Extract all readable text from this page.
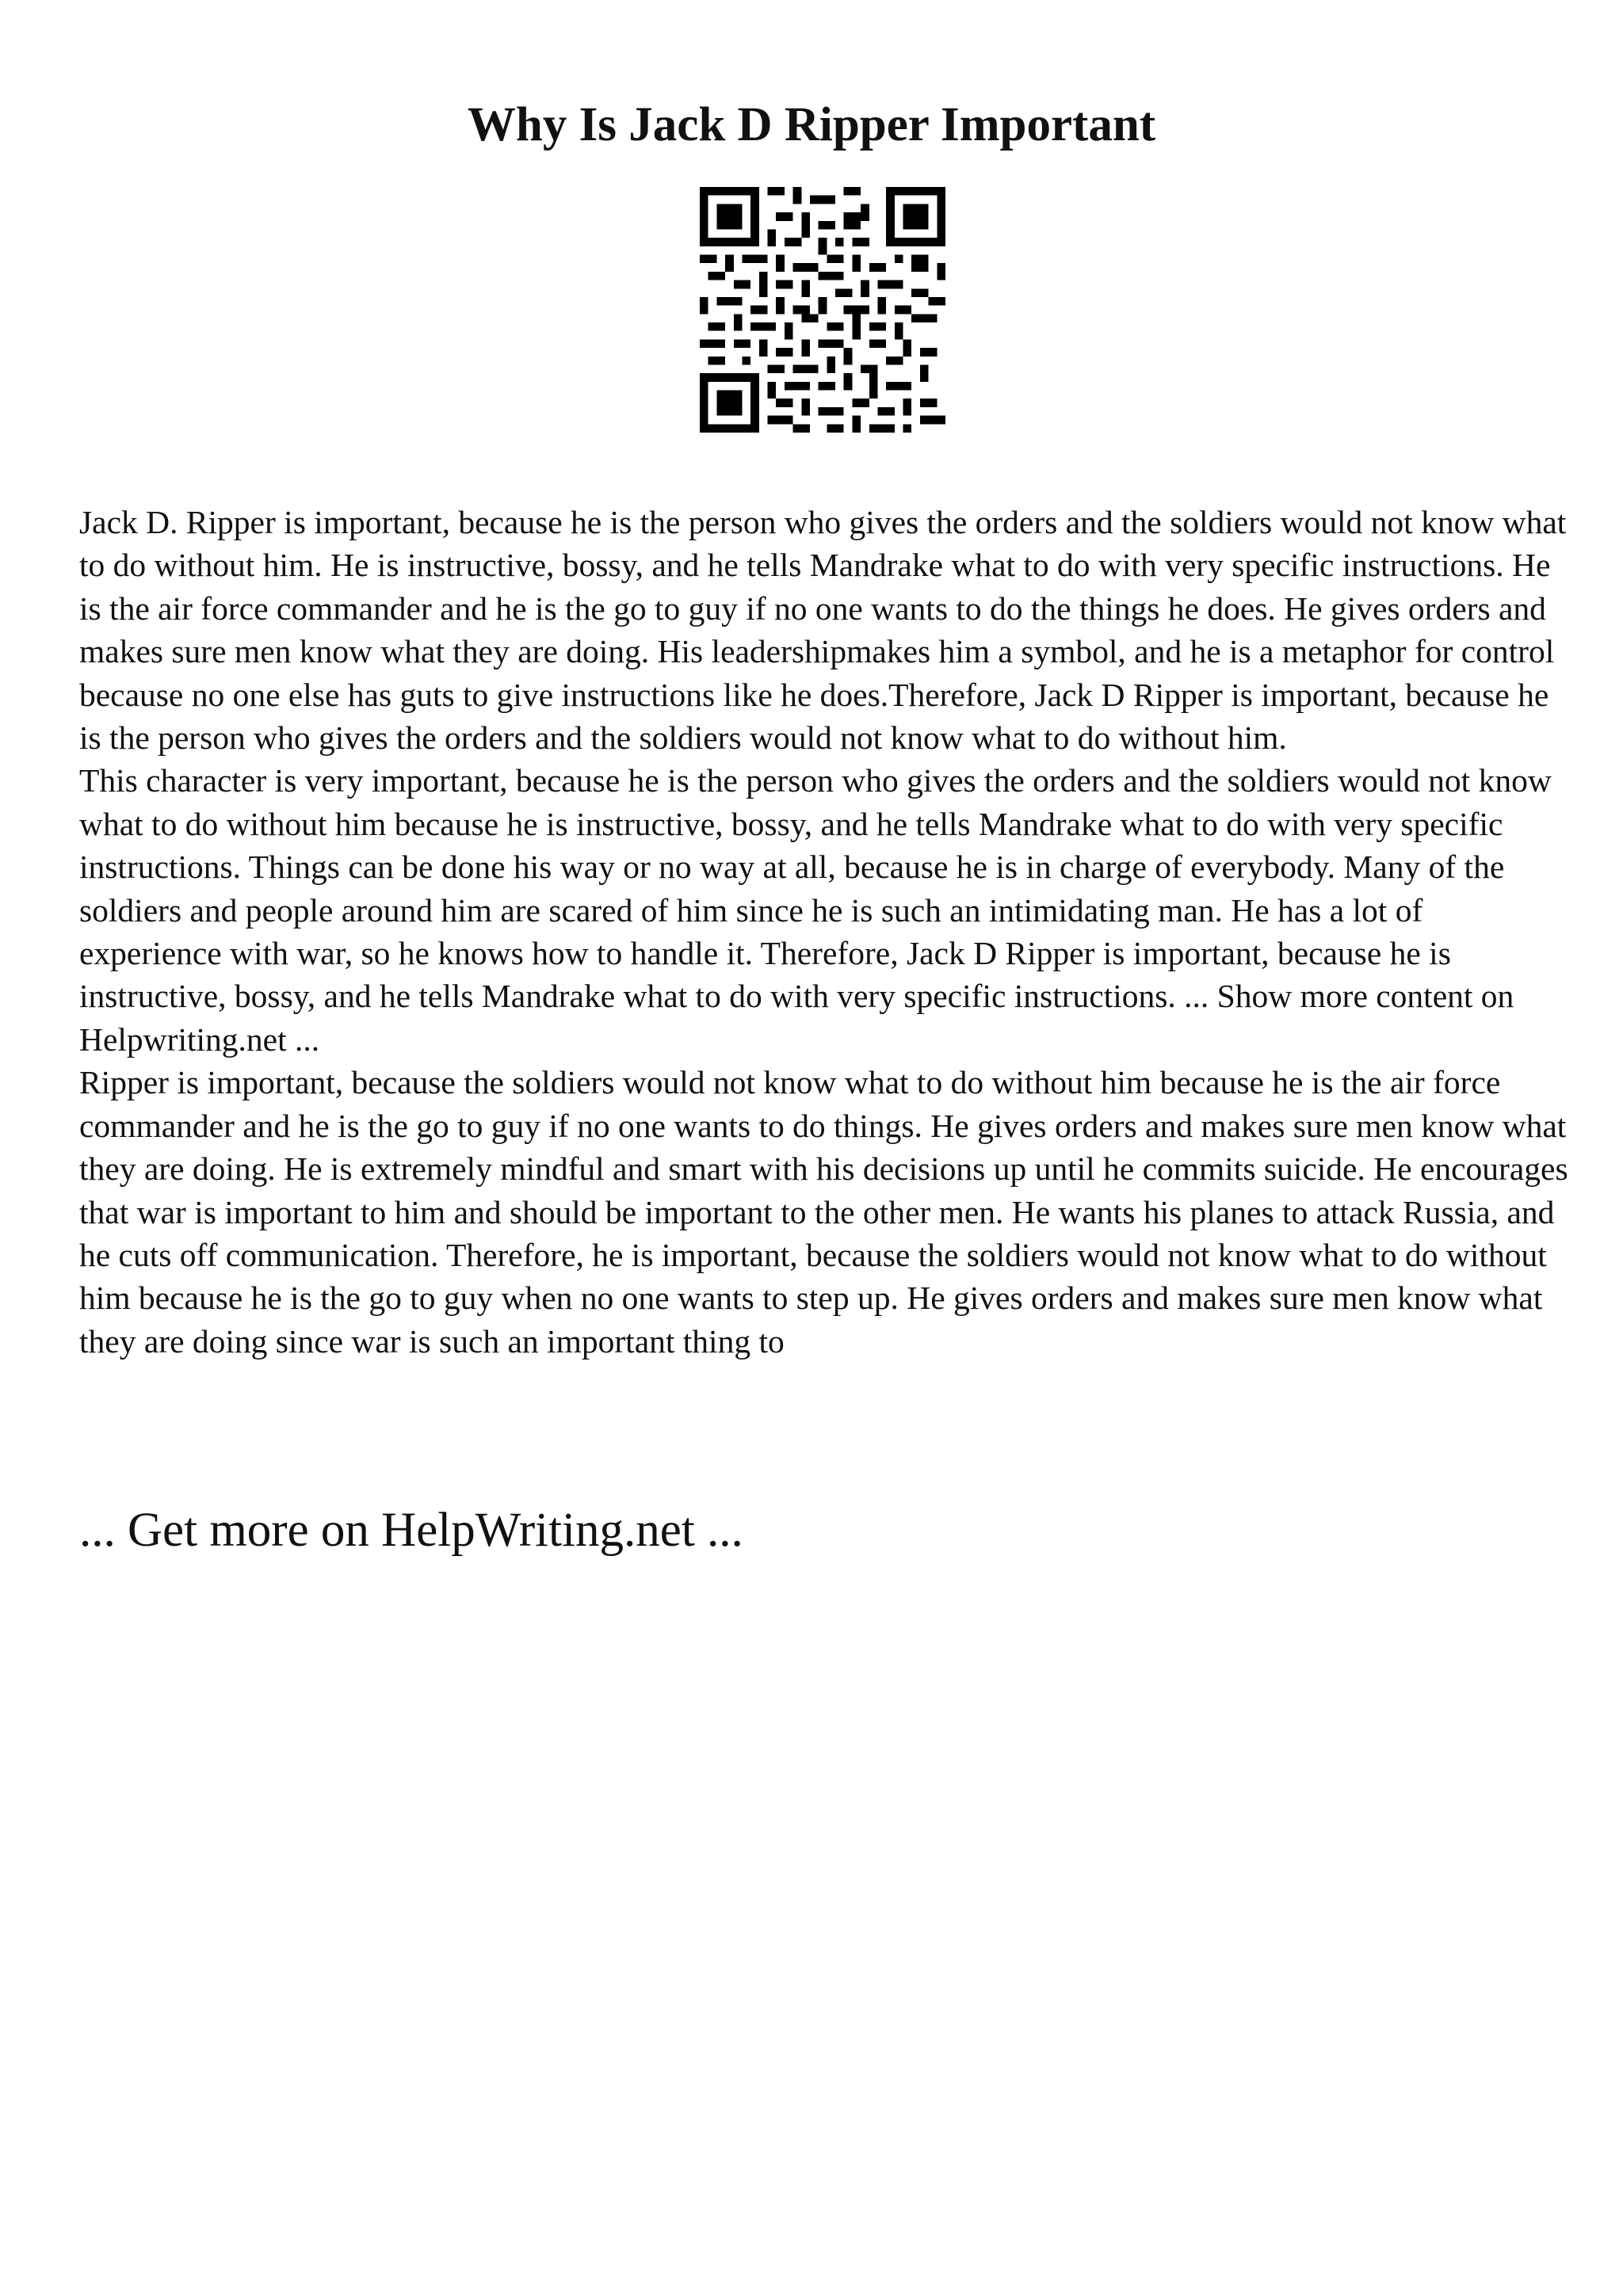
Why Is Jack D Ripper Important

Jack D. Ripper is important, because he is the person who gives the orders and the soldiers would not know what to do without him. He is instructive, bossy, and he tells Mandrake what to do with very specific instructions. He is the air force commander and he is the go to guy if no one wants to do the things he does. He gives orders and makes sure men know what they are doing. His leadershipmakes him a symbol, and he is a metaphor for control because no one else has guts to give instructions like he does.Therefore, Jack D Ripper is important, because he is the person who gives the orders and the soldiers would not know what to do without him.

This character is very important, because he is the person who gives the orders and the soldiers would not know what to do without him because he is instructive, bossy, and he tells Mandrake what to do with very specific instructions. Things can be done his way or no way at all, because he is in charge of everybody. Many of the soldiers and people around him are scared of him since he is such an intimidating man. He has a lot of experience with war, so he knows how to handle it. Therefore, Jack D Ripper is important, because he is instructive, bossy, and he tells Mandrake what to do with very specific instructions. ... Show more content on Helpwriting.net ...

Ripper is important, because the soldiers would not know what to do without him because he is the air force commander and he is the go to guy if no one wants to do things. He gives orders and makes sure men know what they are doing. He is extremely mindful and smart with his decisions up until he commits suicide. He encourages that war is important to him and should be important to the other men. He wants his planes to attack Russia, and he cuts off communication. Therefore, he is important, because the soldiers would not know what to do without him because he is the go to guy when no one wants to step up. He gives orders and makes sure men know what they are doing since war is such an important thing to

... Get more on HelpWriting.net ...
